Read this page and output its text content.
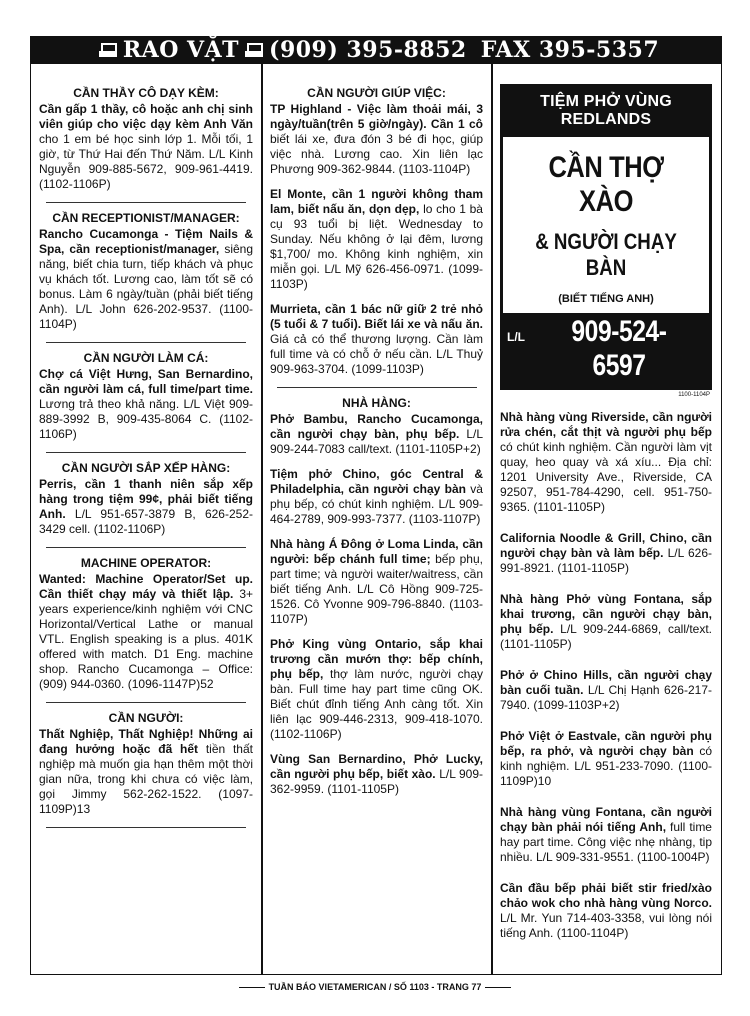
RAO VẶT (909) 395-8852 FAX 395-5357
CẦN THẦY CÔ DẠY KÈM:
Cần gấp 1 thầy, cô hoặc anh chị sinh viên giúp cho việc dạy kèm Anh Văn cho 1 em bé học sinh lớp 1. Mỗi tối, 1 giờ, từ Thứ Hai đến Thứ Năm. L/L Kinh Nguyễn 909-885-5672, 909-961-4419. (1102-1106P)
CẦN RECEPTIONIST/MANAGER:
Rancho Cucamonga - Tiệm Nails & Spa, cần receptionist/manager, siêng năng, biết chia turn, tiếp khách và phục vụ khách tốt. Lương cao, làm tốt sẽ có bonus. Làm 6 ngày/tuần (phải biết tiếng Anh). L/L John 626-202-9537. (1100-1104P)
CẦN NGƯỜI LÀM CÁ:
Chợ cá Việt Hưng, San Bernardino, cần người làm cá, full time/part time. Lương trả theo khả năng. L/L Việt 909-889-3992 B, 909-435-8064 C. (1102-1106P)
CẦN NGƯỜI SẮP XẾP HÀNG:
Perris, cần 1 thanh niên sắp xếp hàng trong tiệm 99¢, phải biết tiếng Anh. L/L 951-657-3879 B, 626-252-3429 cell. (1102-1106P)
MACHINE OPERATOR:
Wanted: Machine Operator/Set up. Cần thiết chạy máy và thiết lập. 3+ years experience/kinh nghiệm với CNC Horizontal/Vertical Lathe or manual VTL. English speaking is a plus. 401K offered with match. D1 Eng. machine shop. Rancho Cucamonga – Office: (909) 944-0360. (1096-1147P)52
CẦN NGƯỜI:
Thất Nghiệp, Thất Nghiệp! Những ai đang hưởng hoặc đã hết tiền thất nghiệp mà muốn gia hạn thêm một thời gian nữa, trong khi chưa có việc làm, gọi Jimmy 562-262-1522. (1097-1109P)13
CẦN NGƯỜI GIÚP VIỆC:
TP Highland - Việc làm thoải mái, 3 ngày/tuần(trên 5 giờ/ngày). Cần 1 cô biết lái xe, đưa đón 3 bé đi học, giúp việc nhà. Lương cao. Xin liên lạc Phương 909-362-9844. (1103-1104P)
El Monte, cần 1 người không tham lam, biết nấu ăn, dọn dẹp, lo cho 1 bà cụ 93 tuổi bị liệt. Wednesday to Sunday. Nếu không ở lại đêm, lương $1,700/ mo. Không kinh nghiệm, xin miễn gọi. L/L Mỹ 626-456-0971. (1099-1103P)
Murrieta, cần 1 bác nữ giữ 2 trẻ nhỏ (5 tuổi & 7 tuổi). Biết lái xe và nấu ăn. Giá cả có thể thương lượng. Cần làm full time và có chỗ ở nếu cần. L/L Thuỷ 909-963-3704. (1099-1103P)
NHÀ HÀNG:
Phở Bambu, Rancho Cucamonga, cần người chạy bàn, phụ bếp. L/L 909-244-7083 call/text. (1101-1105P+2)
Tiệm phở Chino, góc Central & Philadelphia, cần người chạy bàn và phụ bếp, có chút kinh nghiệm. L/L 909-464-2789, 909-993-7377. (1103-1107P)
Nhà hàng Á Đông ở Loma Linda, cần người: bếp chánh full time; bếp phụ, part time; và người waiter/waitress, cần biết tiếng Anh. L/L Cô Hồng 909-725-1526. Cô Yvonne 909-796-8840. (1103-1107P)
Phở King vùng Ontario, sắp khai trương cần mướn thợ: bếp chính, phụ bếp, thợ làm nước, người chạy bàn. Full time hay part time cũng OK. Biết chút đỉnh tiếng Anh càng tốt. Xin liên lạc 909-446-2313, 909-418-1070. (1102-1106P)
Vùng San Bernardino, Phở Lucky, cần người phụ bếp, biết xào. L/L 909-362-9959. (1101-1105P)
TIỆM PHỞ VÙNG REDLANDS
CẦN THỢ XÀO
& NGƯỜI CHẠY BÀN
(BIẾT TIẾNG ANH)
L/L	909-524-6597
1100-1104P
Nhà hàng vùng Riverside, cần người rửa chén, cắt thịt và người phụ bếp có chút kinh nghiệm. Cần người làm vịt quay, heo quay và xá xíu... Địa chỉ: 1201 University Ave., Riverside, CA 92507, 951-784-4290, cell. 951-750-9365. (1101-1105P)
California Noodle & Grill, Chino, cần người chạy bàn và làm bếp. L/L 626-991-8921. (1101-1105P)
Nhà hàng Phở vùng Fontana, sắp khai trương, cần người chạy bàn, phụ bếp. L/L 909-244-6869, call/text. (1101-1105P)
Phở ở Chino Hills, cần người chạy bàn cuối tuần. L/L Chị Hạnh 626-217-7940. (1099-1103P+2)
Phở Việt ở Eastvale, cần người phụ bếp, ra phở, và người chạy bàn có kinh nghiệm. L/L 951-233-7090. (1100-1109P)10
Nhà hàng vùng Fontana, cần người chạy bàn phải nói tiếng Anh, full time hay part time. Công việc nhẹ nhàng, tip nhiều. L/L 909-331-9551. (1100-1004P)
Cần đầu bếp phải biết stir fried/xào chảo wok cho nhà hàng vùng Norco. L/L Mr. Yun 714-403-3358, vui lòng nói tiếng Anh. (1100-1104P)
TUẦN BÁO VIETAMERICAN / SỐ 1103 - TRANG 77
